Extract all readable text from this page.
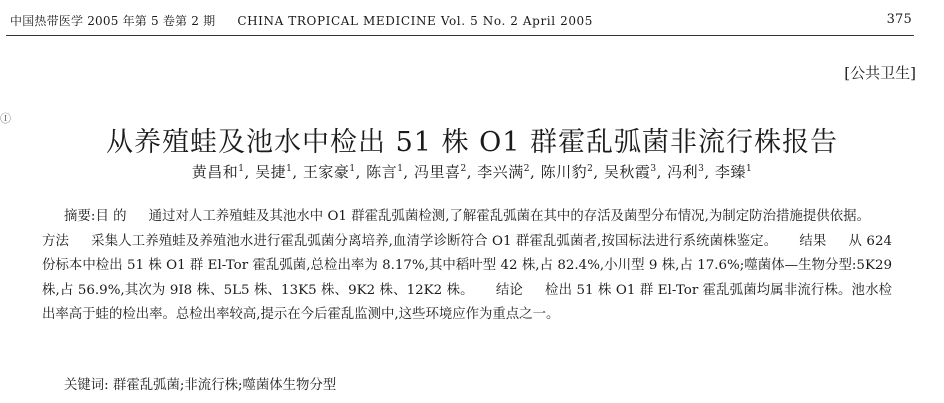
中国热带医学 2005 年第 5 卷第 2 期 CHINA TROPICAL MEDICINE Vol. 5 No. 2 April 2005	375
[公共卫生]
Ⓘ
从养殖蛙及池水中检出 51 株 O1 群霍乱弧菌非流行株报告
黄昌和$^1$, 吴捷$^1$, 王家豪$^1$, 陈言$^1$, 冯里喜$^2$, 李兴满$^2$, 陈川豹$^2$, 吴秋霞$^3$, 冯利$^3$, 李臻$^1$
摘要:目 的 通过对人工养殖蛙及其池水中 O1 群霍乱弧菌检测,了解霍乱弧菌在其中的存活及菌型分布情况,为制定防治措施提供依据。方法 采集人工养殖蛙及养殖池水进行霍乱弧菌分离培养,血清学诊断符合 O1 群霍乱弧菌者,按国标法进行系统菌株鉴定。 结果 从 624 份标本中检出 51 株 O1 群 El-Tor 霍乱弧菌,总检出率为 8.17%,其中稻叶型 42 株,占 82.4%,小川型 9 株,占 17.6%;噬菌体—生物分型:5K29 株,占 56.9%,其次为 9I8 株、5L5 株、13K5 株、9K2 株、12K2 株。 结论 检出 51 株 O1 群 El-Tor 霍乱弧菌均属非流行株。池水检出率高于蛙的检出率。总检出率较高,提示在今后霍乱监测中,这些环境应作为重点之一。
关键词: 群霍乱弧菌;非流行株;噬菌体生物分型
